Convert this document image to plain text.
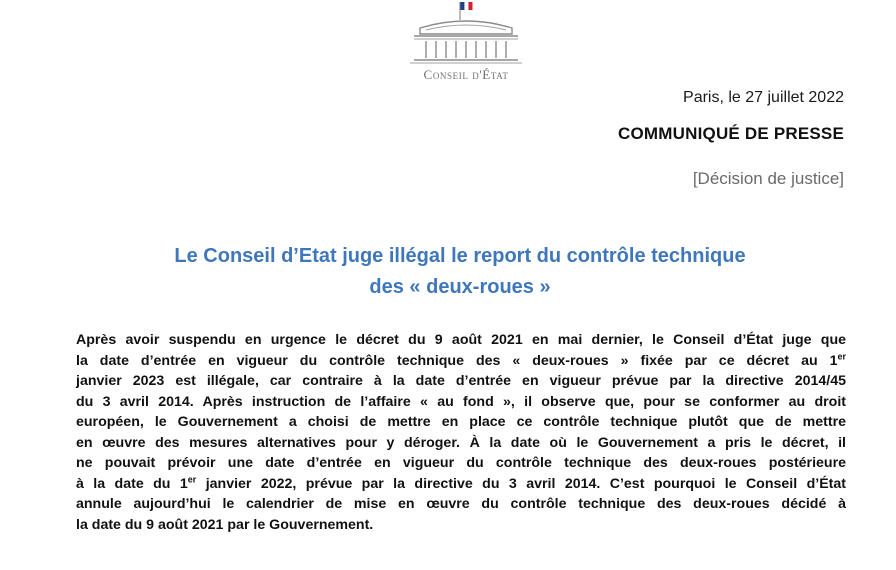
Conseil d'État
Paris, le 27 juillet 2022
COMMUNIQUÉ DE PRESSE
[Décision de justice]
Le Conseil d’Etat juge illégal le report du contrôle technique
des « deux-roues »
Après avoir suspendu en urgence le décret du 9 août 2021 en mai dernier, le Conseil d’État juge que
la date d’entrée en vigueur du contrôle technique des « deux-roues » fixée par ce décret au 1er
janvier 2023 est illégale, car contraire à la date d’entrée en vigueur prévue par la directive 2014/45
du 3 avril 2014. Après instruction de l’affaire « au fond », il observe que, pour se conformer au droit
européen, le Gouvernement a choisi de mettre en place ce contrôle technique plutôt que de mettre
en œuvre des mesures alternatives pour y déroger. À la date où le Gouvernement a pris le décret, il
ne pouvait prévoir une date d’entrée en vigueur du contrôle technique des deux-roues postérieure
à la date du 1er janvier 2022, prévue par la directive du 3 avril 2014. C’est pourquoi le Conseil d’État
annule aujourd’hui le calendrier de mise en œuvre du contrôle technique des deux-roues décidé à
la date du 9 août 2021 par le Gouvernement.
